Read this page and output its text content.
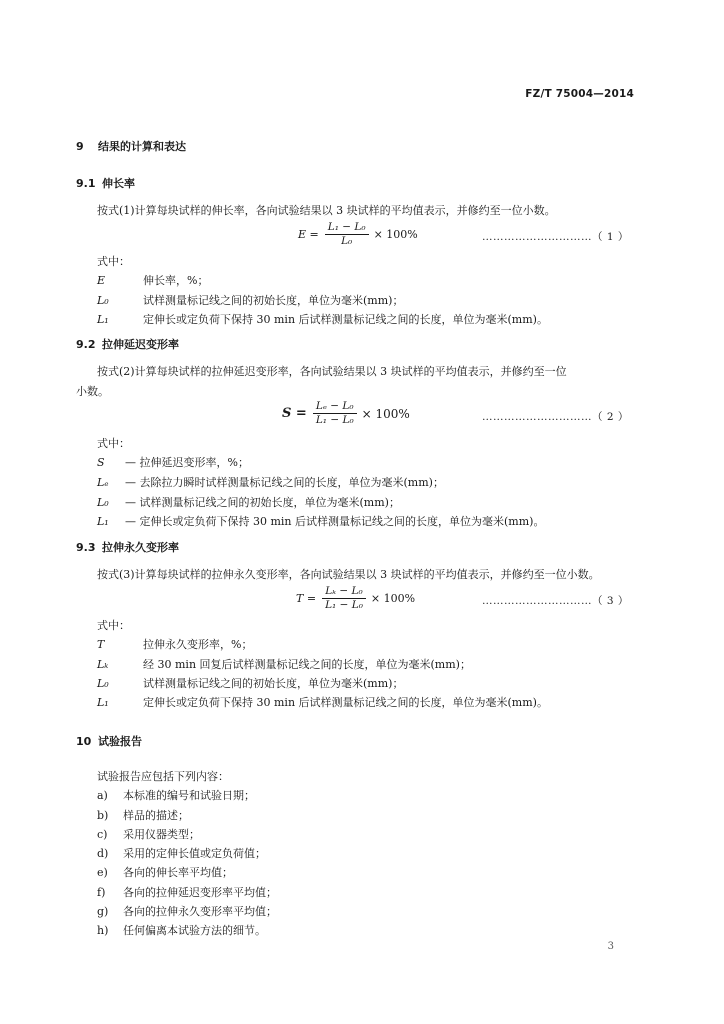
FZ/T 75004—2014
9 结果的计算和表达
9.1 伸长率
按式(1)计算每块试样的伸长率，各向试验结果以 3 块试样的平均值表示，并修约至一位小数。
$E = \frac{\text{L₁ − L₀}}{\text{L₀}} \times 100\%$	…………………………（ 1 ）
式中：
E	伸长率，%；
L₀	试样测量标记线之间的初始长度，单位为毫米(mm)；
L₁	定伸长或定负荷下保持 30 min 后试样测量标记线之间的长度，单位为毫米(mm)。
9.2 拉伸延迟变形率
按式(2)计算每块试样的拉伸延迟变形率，各向试验结果以 3 块试样的平均值表示，并修约至一位
小数。
$S = \frac{\text{Lₑ − L₀}}{\text{L₁ − L₀}} \times 100\%$	…………………………（ 2 ）
式中：
S — 拉伸延迟变形率，%；
Lₑ — 去除拉力瞬时试样测量标记线之间的长度，单位为毫米(mm)；
L₀ — 试样测量标记线之间的初始长度，单位为毫米(mm)；
L₁ — 定伸长或定负荷下保持 30 min 后试样测量标记线之间的长度，单位为毫米(mm)。
9.3 拉伸永久变形率
按式(3)计算每块试样的拉伸永久变形率，各向试验结果以 3 块试样的平均值表示，并修约至一位小数。
$T = \frac{\text{Lₖ − L₀}}{\text{L₁ − L₀}} \times 100\%$	…………………………（ 3 ）
式中：
T	拉伸永久变形率，%；
Lₖ	经 30 min 回复后试样测量标记线之间的长度，单位为毫米(mm)；
L₀	试样测量标记线之间的初始长度，单位为毫米(mm)；
L₁	定伸长或定负荷下保持 30 min 后试样测量标记线之间的长度，单位为毫米(mm)。
10 试验报告
试验报告应包括下列内容：
a) 本标准的编号和试验日期；
b) 样品的描述；
c) 采用仪器类型；
d) 采用的定伸长值或定负荷值；
e) 各向的伸长率平均值；
f) 各向的拉伸延迟变形率平均值；
g) 各向的拉伸永久变形率平均值；
h) 任何偏离本试验方法的细节。
3
